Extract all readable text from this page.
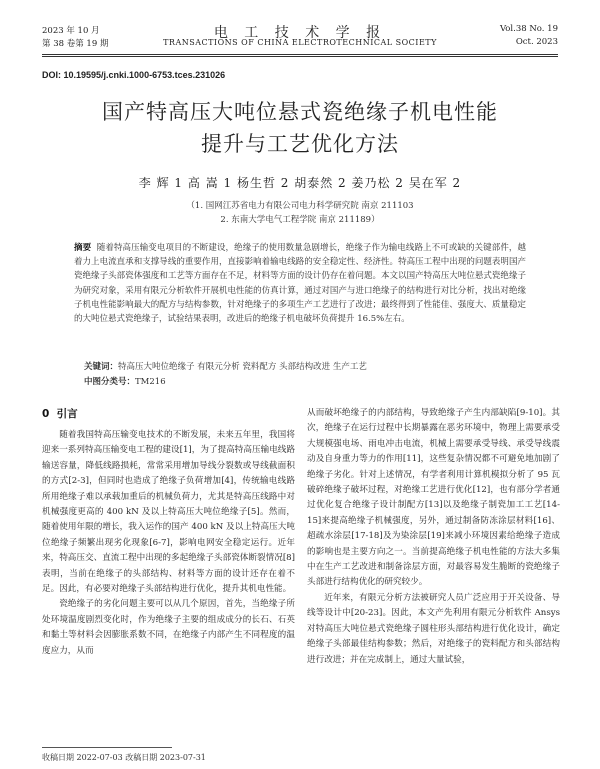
2023 年 10 月
第 38 卷第 19 期
电 工 技 术 学 报
TRANSACTIONS OF CHINA ELECTROTECHNICAL SOCIETY
Vol.38 No. 19
Oct. 2023
DOI: 10.19595/j.cnki.1000-6753.tces.231026
国产特高压大吨位悬式瓷绝缘子机电性能
提升与工艺优化方法
李 辉 1 高 嵩 1 杨生哲 2 胡泰然 2 姜乃松 2 吴在军 2
（1. 国网江苏省电力有限公司电力科学研究院 南京 211103
2. 东南大学电气工程学院 南京 211189）
摘要 随着特高压输变电项目的不断建设，绝缘子的使用数量急剧增长，绝缘子作为输电线路上不可或缺的关键部件，越着力上电流直承和支撑导线的重要作用，直接影响着输电线路的安全稳定性、经济性。特高压工程中出现的问题表明国产瓷绝缘子头部瓷体强度和工艺等方面存在不足，材料等方面的设计仍存在着问题。本文以国产特高压大吨位悬式瓷绝缘子为研究对象，采用有限元分析软件开展机电性能的仿真计算，通过对国产与进口绝缘子的结构进行对比分析，找出对绝缘子机电性能影响最大的配方与结构参数，针对绝缘子的多项生产工艺进行了改进；最终得到了性能佳、强度大、质量稳定的大吨位悬式瓷绝缘子，试验结果表明，改进后的绝缘子机电破坏负荷提升 16.5%左右。
关键词：特高压大吨位绝缘子 有限元分析 瓷料配方 头部结构改进 生产工艺
中图分类号：TM216
0 引言

随着我国特高压输变电技术的不断发展，未来五年里，我国将迎来一系列特高压输变电工程的建设[1]，为了提高特高压输电线路输送容量，降低线路损耗，常常采用增加导线分裂数或导线截面积的方式[2-3]，但同时也造成了绝缘子负荷增加[4]，传统输电线路所用绝缘子难以承载加重后的机械负荷力，尤其是特高压线路中对机械强度更高的 400 kN 及以上特高压大吨位绝缘子[5]。然而，随着使用年限的增长，我入运作的国产 400 kN 及以上特高压大吨位绝缘子频繁出现劣化现象[6-7]，影响电网安全稳定运行。近年来，特高压交、直流工程中出现的多起绝缘子头部瓷体断裂情况[8]表明，当前在绝缘子的头部结构、材料等方面的设计还存在着不足。因此，有必要对绝缘子头部结构进行优化，提升其机电性能。

瓷绝缘子的劣化问题主要可以从几个原因，首先，当绝缘子所处环境温度剧烈变化时，作为绝缘子主要的组成成分的长石、石英和黏土等材料会因膨胀系数不同，在绝缘子内部产生不同程度的温度应力，从而

从而破坏绝缘子的内部结构，导致绝缘子产生内部缺陷[9-10]。其次，绝缘子在运行过程中长期暴露在恶劣环境中，物理上需要承受大规模强电场、雨电冲击电流，机械上需要承受导线、承受导线震动及自身重力等力的作用[11]，这些复杂情况都不可避免地加剧了绝缘子劣化。针对上述情况，有学者利用计算机模拟分析了 95 瓦破碎绝缘子破坏过程，对绝缘工艺进行优化[12]，也有部分学者通过优化复合绝缘子设计制配方[13]以及绝缘子制瓷加工工艺[14-15]来提高绝缘子机械强度，另外，通过制备防冻涂层材料[16]、超疏水涂层[17-18]及为染涂层[19]来减小环境因素给绝缘子造成的影响也是主要方向之一。当前提高绝缘子机电性能的方法大多集中在生产工艺改进和制备涂层方面，对最容易发生脆断的瓷绝缘子头部进行结构优化的研究较少。

近年来，有限元分析方法被研究人员广泛应用于开关设备、导线等设计中[20-23]。因此，本文产先利用有限元分析软件 Ansys 对特高压大吨位悬式瓷绝缘子圆柱形头部结构进行优化设计，确定绝缘子头部最佳结构参数；然后，对绝缘子的瓷料配方和头部结构进行改进；并在完成制上，通过大量试验，

收稿日期 2022-07-03 改稿日期 2023-07-31
